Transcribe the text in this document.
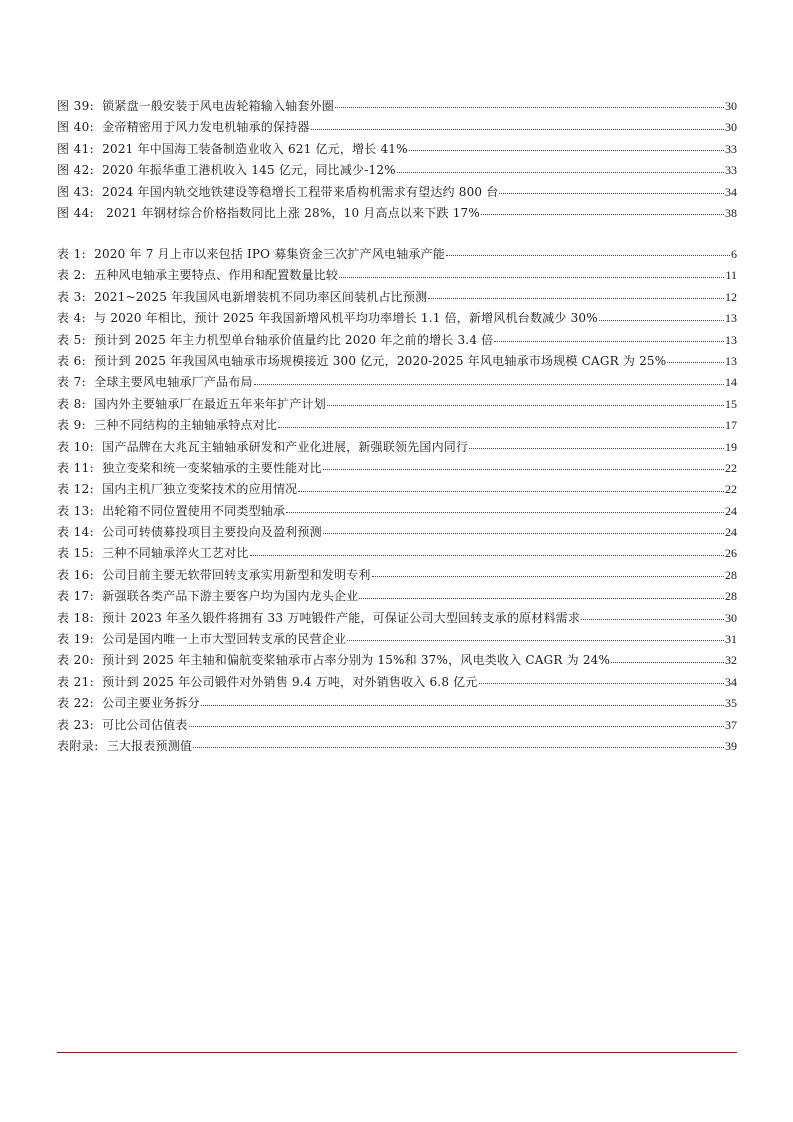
图 39: 锁紧盘一般安装于风电齿轮箱输入轴套外圈	30
图 40: 金帝精密用于风力发电机轴承的保持器	30
图 41: 2021 年中国海工装备制造业收入 621 亿元，增长 41%	33
图 42: 2020 年振华重工港机收入 145 亿元，同比减少-12%	33
图 43: 2024 年国内轨交地铁建设等稳增长工程带来盾构机需求有望达约 800 台	34
图 44:   2021 年钢材综合价格指数同比上涨 28%，10 月高点以来下跌 17%	38
表 1: 2020 年 7 月上市以来包括 IPO 募集资金三次扩产风电轴承产能	6
表 2: 五种风电轴承主要特点、作用和配置数量比较	11
表 3: 2021~2025 年我国风电新增装机不同功率区间装机占比预测	12
表 4: 与 2020 年相比，预计 2025 年我国新增风机平均功率增长 1.1 倍，新增风机台数减少 30%	13
表 5: 预计到 2025 年主力机型单台轴承价值量约比 2020 年之前的增长 3.4 倍	13
表 6: 预计到 2025 年我国风电轴承市场规模接近 300 亿元，2020-2025 年风电轴承市场规模 CAGR 为 25%	13
表 7: 全球主要风电轴承厂产品布局	14
表 8: 国内外主要轴承厂在最近五年来年扩产计划	15
表 9: 三种不同结构的主轴轴承特点对比	17
表 10: 国产品牌在大兆瓦主轴轴承研发和产业化进展，新强联领先国内同行	19
表 11: 独立变桨和统一变桨轴承的主要性能对比	22
表 12: 国内主机厂独立变桨技术的应用情况	22
表 13: 出轮箱不同位置使用不同类型轴承	24
表 14: 公司可转债募投项目主要投向及盈利预测	24
表 15: 三种不同轴承淬火工艺对比	26
表 16: 公司目前主要无软带回转支承实用新型和发明专利	28
表 17: 新强联各类产品下游主要客户均为国内龙头企业	28
表 18: 预计 2023 年圣久锻件将拥有 33 万吨锻件产能，可保证公司大型回转支承的原材料需求	30
表 19: 公司是国内唯一上市大型回转支承的民营企业	31
表 20: 预计到 2025 年主轴和偏航变桨轴承市占率分别为 15%和 37%，风电类收入 CAGR 为 24%	32
表 21: 预计到 2025 年公司锻件对外销售 9.4 万吨，对外销售收入 6.8 亿元	34
表 22: 公司主要业务拆分	35
表 23: 可比公司估值表	37
表附录: 三大报表预测值	39
